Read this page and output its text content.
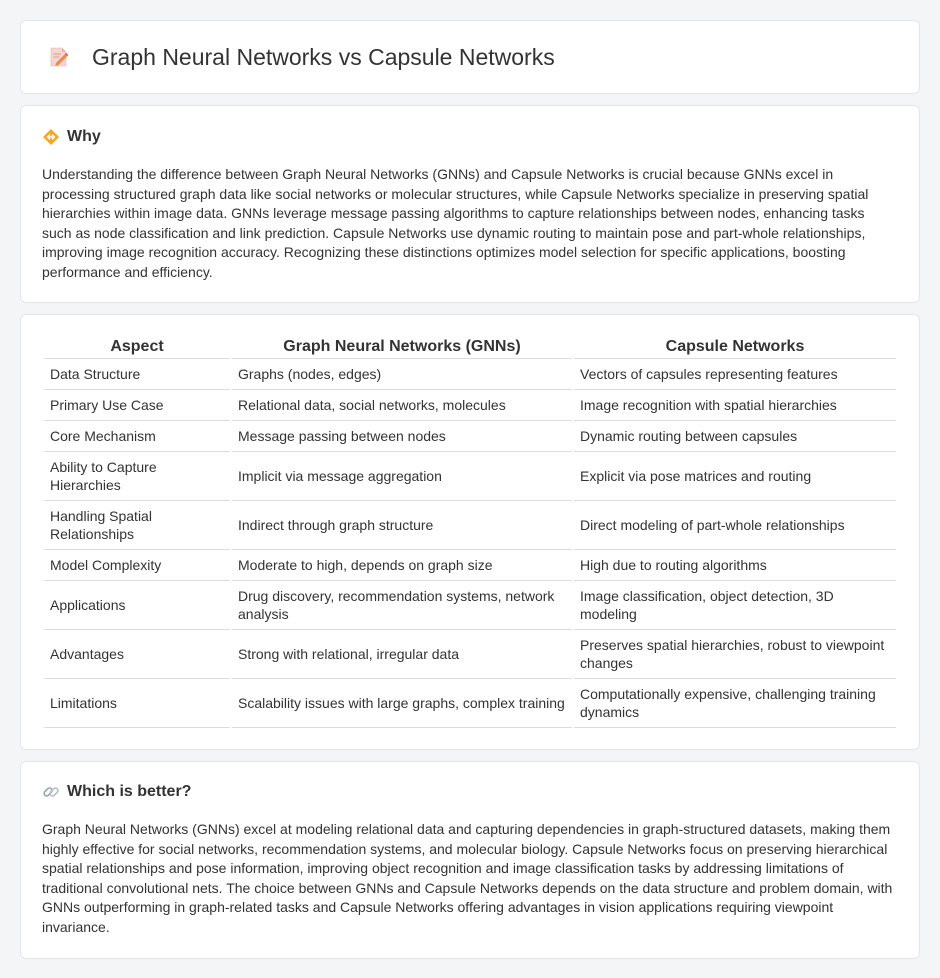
Graph Neural Networks vs Capsule Networks
Why

Understanding the difference between Graph Neural Networks (GNNs) and Capsule Networks is crucial because GNNs excel in processing structured graph data like social networks or molecular structures, while Capsule Networks specialize in preserving spatial hierarchies within image data. GNNs leverage message passing algorithms to capture relationships between nodes, enhancing tasks such as node classification and link prediction. Capsule Networks use dynamic routing to maintain pose and part-whole relationships, improving image recognition accuracy. Recognizing these distinctions optimizes model selection for specific applications, boosting performance and efficiency.

Aspect	Graph Neural Networks (GNNs)	Capsule Networks
Data Structure	Graphs (nodes, edges)	Vectors of capsules representing features
Primary Use Case	Relational data, social networks, molecules	Image recognition with spatial hierarchies
Core Mechanism	Message passing between nodes	Dynamic routing between capsules
Ability to Capture Hierarchies	Implicit via message aggregation	Explicit via pose matrices and routing
Handling Spatial Relationships	Indirect through graph structure	Direct modeling of part-whole relationships
Model Complexity	Moderate to high, depends on graph size	High due to routing algorithms
Applications	Drug discovery, recommendation systems, network analysis	Image classification, object detection, 3D modeling
Advantages	Strong with relational, irregular data	Preserves spatial hierarchies, robust to viewpoint changes
Limitations	Scalability issues with large graphs, complex training	Computationally expensive, challenging training dynamics
Which is better?

Graph Neural Networks (GNNs) excel at modeling relational data and capturing dependencies in graph-structured datasets, making them highly effective for social networks, recommendation systems, and molecular biology. Capsule Networks focus on preserving hierarchical spatial relationships and pose information, improving object recognition and image classification tasks by addressing limitations of traditional convolutional nets. The choice between GNNs and Capsule Networks depends on the data structure and problem domain, with GNNs outperforming in graph-related tasks and Capsule Networks offering advantages in vision applications requiring viewpoint invariance.
